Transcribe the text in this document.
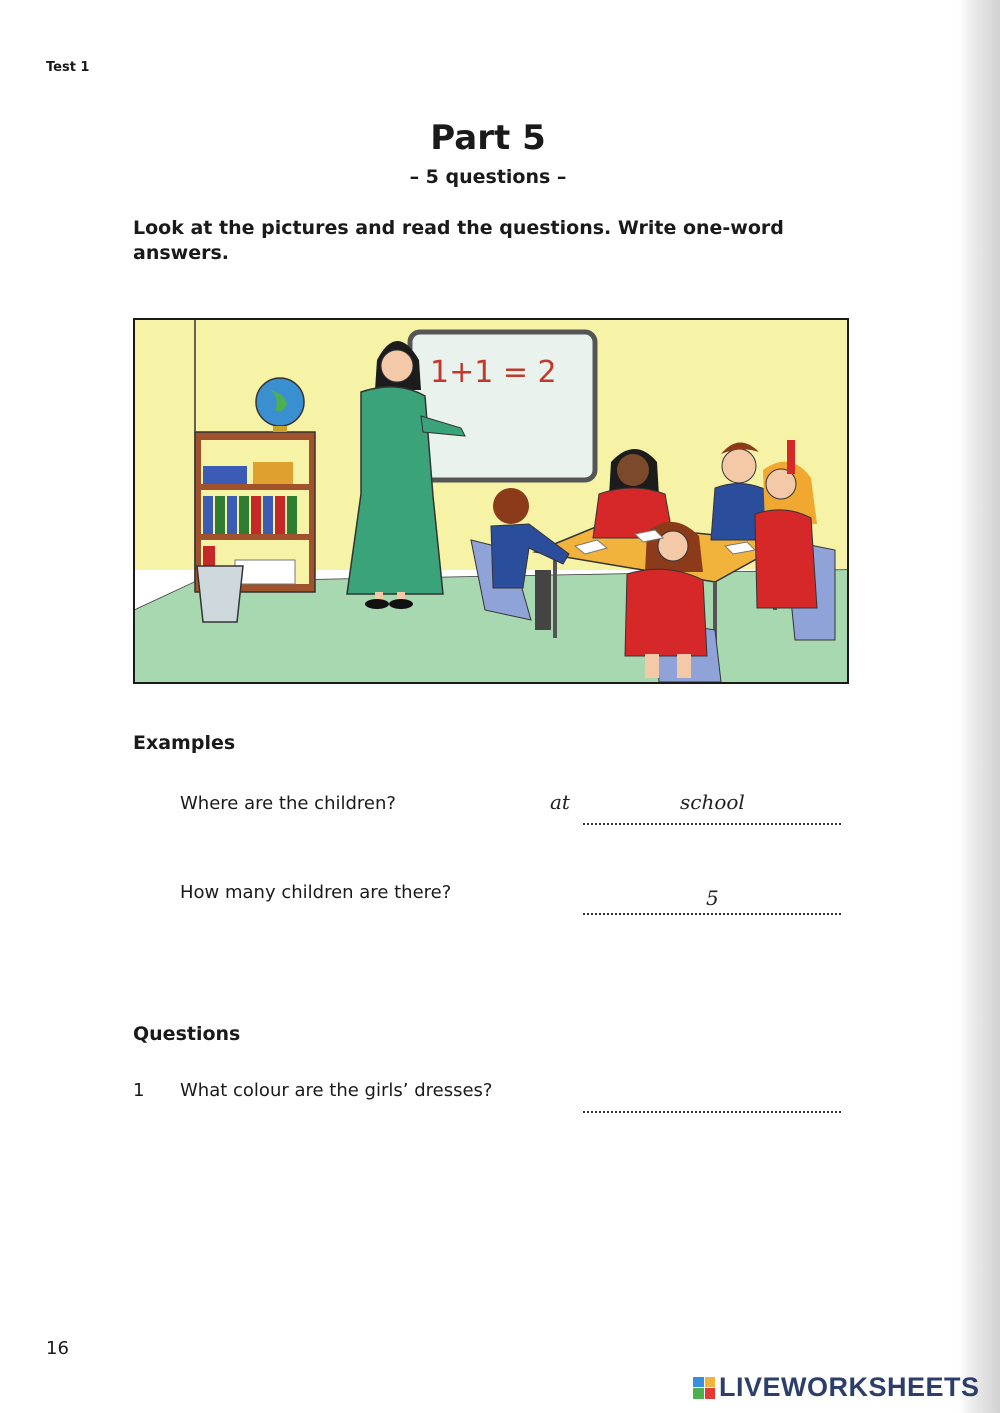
Test 1
Part 5
– 5 questions –
Look at the pictures and read the questions. Write one-word answers.
1+1 = 2
Examples
Where are the children?	at	school
How many children are there?	5
Questions
1 What colour are the girls’ dresses?
16
LIVEWORKSHEETS
